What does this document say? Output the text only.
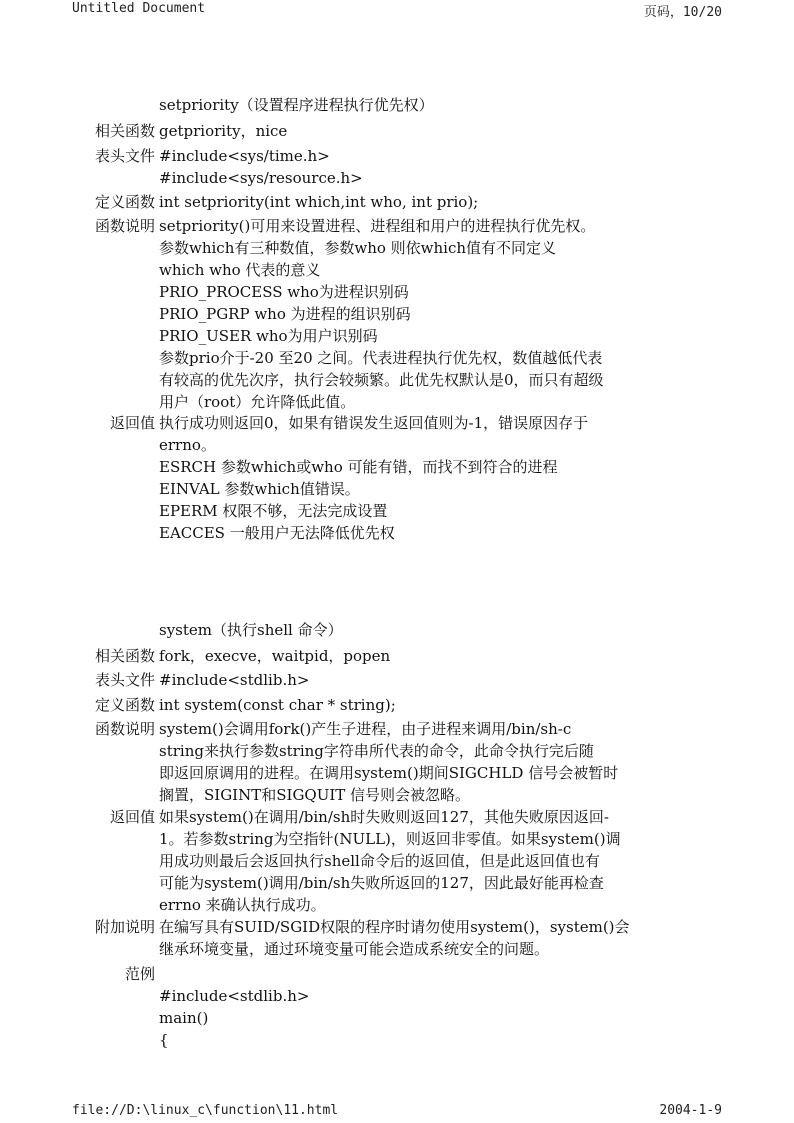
Untitled Document	页码，10/20
setpriority（设置程序进程执行优先权）
相关函数 getpriority，nice
表头文件 #include<sys/time.h>
#include<sys/resource.h>
定义函数 int setpriority(int which,int who, int prio);
函数说明 setpriority()可用来设置进程、进程组和用户的进程执行优先权。
参数which有三种数值，参数who 则依which值有不同定义
which who 代表的意义
PRIO_PROCESS who为进程识别码
PRIO_PGRP who 为进程的组识别码
PRIO_USER who为用户识别码
参数prio介于-20 至20 之间。代表进程执行优先权，数值越低代表
有较高的优先次序，执行会较频繁。此优先权默认是0，而只有超级
用户（root）允许降低此值。
返回值 执行成功则返回0，如果有错误发生返回值则为-1，错误原因存于
errno。
ESRCH 参数which或who 可能有错，而找不到符合的进程
EINVAL 参数which值错误。
EPERM 权限不够，无法完成设置
EACCES 一般用户无法降低优先权
system（执行shell 命令）
相关函数 fork，execve，waitpid，popen
表头文件 #include<stdlib.h>
定义函数 int system(const char * string);
函数说明 system()会调用fork()产生子进程，由子进程来调用/bin/sh-c
string来执行参数string字符串所代表的命令，此命令执行完后随
即返回原调用的进程。在调用system()期间SIGCHLD 信号会被暂时
搁置，SIGINT和SIGQUIT 信号则会被忽略。
返回值 如果system()在调用/bin/sh时失败则返回127，其他失败原因返回-
1。若参数string为空指针(NULL)，则返回非零值。如果system()调
用成功则最后会返回执行shell命令后的返回值，但是此返回值也有
可能为system()调用/bin/sh失败所返回的127，因此最好能再检查
errno 来确认执行成功。
附加说明 在编写具有SUID/SGID权限的程序时请勿使用system()，system()会
继承环境变量，通过环境变量可能会造成系统安全的问题。
范例
#include<stdlib.h>
main()
{
file://D:\linux_c\function\11.html	2004-1-9
